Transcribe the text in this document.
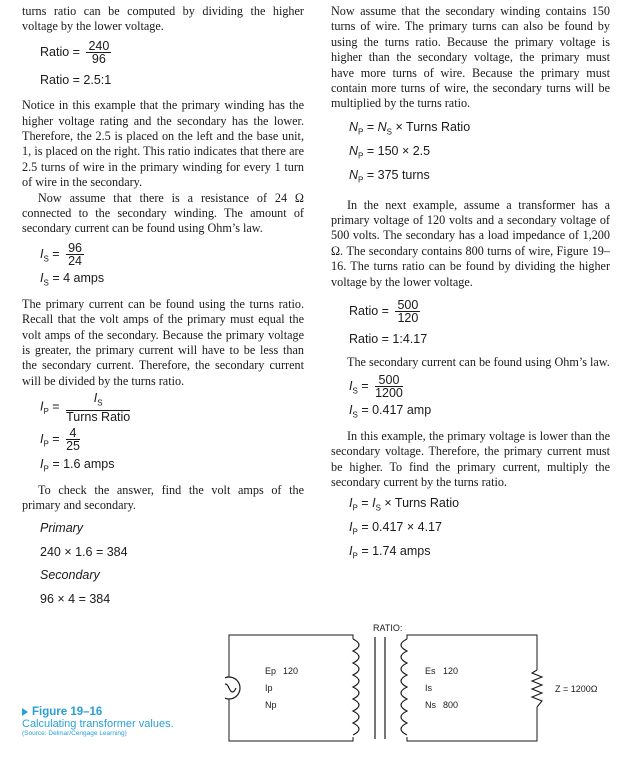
turns ratio can be computed by dividing the higher voltage by the lower voltage.

Ratio = $\frac{240}{96}$
Ratio = 2.5:1

Notice in this example that the primary winding has the higher voltage rating and the secondary has the lower. Therefore, the 2.5 is placed on the left and the base unit, 1, is placed on the right. This ratio indicates that there are 2.5 turns of wire in the primary winding for every 1 turn of wire in the secondary.

Now assume that there is a resistance of 24 Ω connected to the secondary winding. The amount of secondary current can be found using Ohm’s law.

$I_S = \frac{96}{24}$
$I_S = 4$ amps

The primary current can be found using the turns ratio. Recall that the volt amps of the primary must equal the volt amps of the secondary. Because the primary voltage is greater, the primary current will have to be less than the secondary current. Therefore, the secondary current will be divided by the turns ratio.

$I_P = \frac{I_S}{\text{Turns Ratio}}$
$I_P = \frac{4}{25}$
$I_P = 1.6$ amps

To check the answer, find the volt amps of the primary and secondary.

Primary
240 × 1.6 = 384
Secondary
96 × 4 = 384

Now assume that the secondary winding contains 150 turns of wire. The primary turns can also be found by using the turns ratio. Because the primary voltage is higher than the secondary voltage, the primary must have more turns of wire. Because the primary must contain more turns of wire, the secondary turns will be multiplied by the turns ratio.

$N_P = N_S$ × Turns Ratio
$N_P = 150 \times 2.5$
$N_P = 375$ turns

In the next example, assume a transformer has a primary voltage of 120 volts and a secondary voltage of 500 volts. The secondary has a load impedance of 1,200 Ω. The secondary contains 800 turns of wire, Figure 19–16. The turns ratio can be found by dividing the higher voltage by the lower voltage.

Ratio = $\frac{500}{120}$
Ratio = 1:4.17

The secondary current can be found using Ohm’s law.

$I_S = \frac{500}{1200}$
$I_S = 0.417$ amp

In this example, the primary voltage is lower than the secondary voltage. Therefore, the primary current must be higher. To find the primary current, multiply the secondary current by the turns ratio.

$I_P = I_S$ × Turns Ratio
$I_P = 0.417 \times 4.17$
$I_P = 1.74$ amps
Figure 19–16
Calculating transformer values.
(Source: Delmar/Cengage Learning)
RATIO:
Ep 120
Ip
Np
Es 120
Is
Ns 800
Z = 1200Ω
